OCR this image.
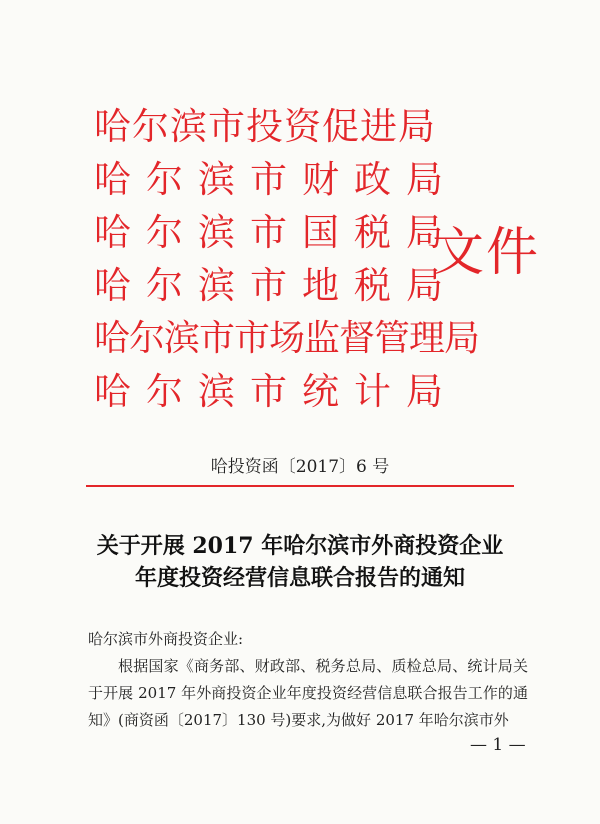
哈尔滨市投资促进局
哈尔滨市财政局
哈尔滨市国税局
哈尔滨市地税局
哈尔滨市市场监督管理局
哈尔滨市统计局
文件
哈投资函〔2017〕6 号
关于开展 2017 年哈尔滨市外商投资企业
年度投资经营信息联合报告的通知
哈尔滨市外商投资企业:
根据国家《商务部、财政部、税务总局、质检总局、统计局关于开展 2017 年外商投资企业年度投资经营信息联合报告工作的通知》(商资函〔2017〕130 号)要求,为做好 2017 年哈尔滨市外
— 1 —
